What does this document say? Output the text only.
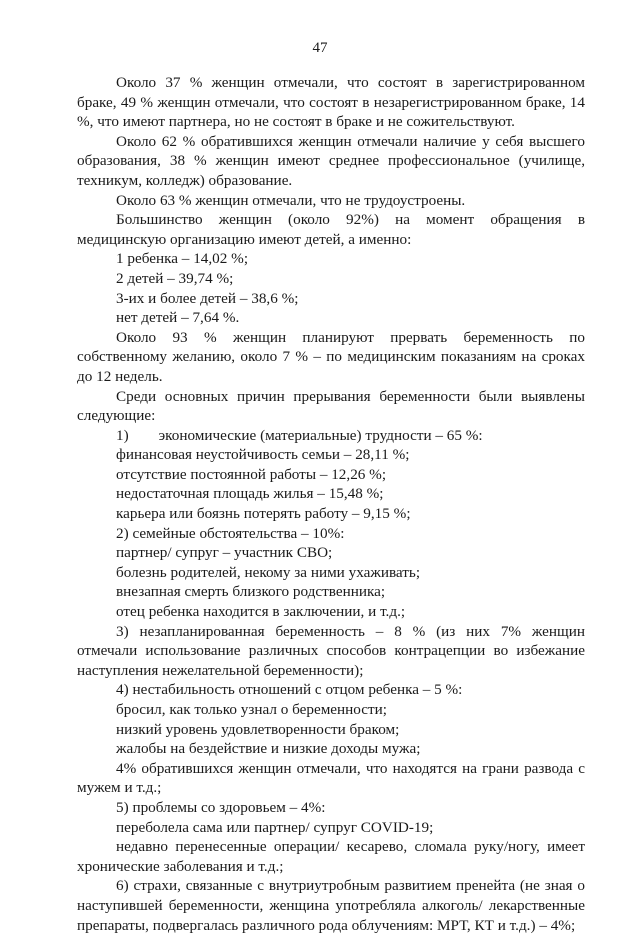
47

Около 37 % женщин отмечали, что состоят в зарегистрированном браке, 49 % женщин отмечали, что состоят в незарегистрированном браке, 14 %, что имеют партнера, но не состоят в браке и не сожительствуют.

Около 62 % обратившихся женщин отмечали наличие у себя высшего образования, 38 % женщин имеют среднее профессиональное (училище, техникум, колледж) образование.

Около 63 % женщин отмечали, что не трудоустроены.

Большинство женщин (около 92%) на момент обращения в медицинскую организацию имеют детей, а именно:

1 ребенка – 14,02 %;

2 детей – 39,74 %;

3-их и более детей – 38,6 %;

нет детей – 7,64 %.

Около 93 % женщин планируют прервать беременность по собственному желанию, около 7 % – по медицинским показаниям на сроках до 12 недель.

Среди основных причин прерывания беременности были выявлены следующие:

1) экономические (материальные) трудности – 65 %:

финансовая неустойчивость семьи – 28,11 %;

отсутствие постоянной работы – 12,26 %;

недостаточная площадь жилья – 15,48 %;

карьера или боязнь потерять работу – 9,15 %;

2) семейные обстоятельства – 10%:

партнер/ супруг – участник СВО;

болезнь родителей, некому за ними ухаживать;

внезапная смерть близкого родственника;

отец ребенка находится в заключении, и т.д.;

3) незапланированная беременность – 8 % (из них 7% женщин отмечали использование различных способов контрацепции во избежание наступления нежелательной беременности);

4) нестабильность отношений с отцом ребенка – 5 %:

бросил, как только узнал о беременности;

низкий уровень удовлетворенности браком;

жалобы на бездействие и низкие доходы мужа;

4% обратившихся женщин отмечали, что находятся на грани развода с мужем и т.д.;

5) проблемы со здоровьем – 4%:

переболела сама или партнер/ супруг COVID-19;

недавно перенесенные операции/ кесарево, сломала руку/ногу, имеет хронические заболевания и т.д.;

6) страхи, связанные с внутриутробным развитием пренейта (не зная о наступившей беременности, женщина употребляла алкоголь/ лекарственные препараты, подвергалась различного рода облучениям: МРТ, КТ и т.д.) – 4%;
